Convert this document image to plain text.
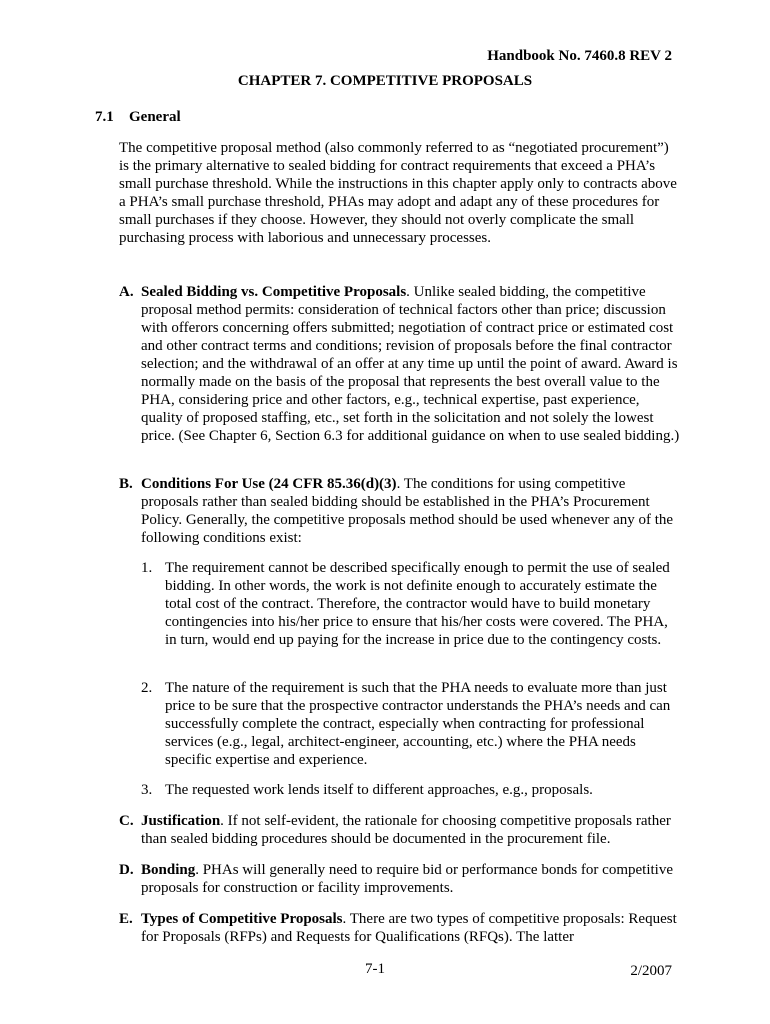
Handbook No. 7460.8 REV 2
CHAPTER 7. COMPETITIVE PROPOSALS
7.1 General
The competitive proposal method (also commonly referred to as “negotiated procurement”) is the primary alternative to sealed bidding for contract requirements that exceed a PHA’s small purchase threshold. While the instructions in this chapter apply only to contracts above a PHA’s small purchase threshold, PHAs may adopt and adapt any of these procedures for small purchases if they choose. However, they should not overly complicate the small purchasing process with laborious and unnecessary processes.
A. Sealed Bidding vs. Competitive Proposals. Unlike sealed bidding, the competitive proposal method permits: consideration of technical factors other than price; discussion with offerors concerning offers submitted; negotiation of contract price or estimated cost and other contract terms and conditions; revision of proposals before the final contractor selection; and the withdrawal of an offer at any time up until the point of award. Award is normally made on the basis of the proposal that represents the best overall value to the PHA, considering price and other factors, e.g., technical expertise, past experience, quality of proposed staffing, etc., set forth in the solicitation and not solely the lowest price. (See Chapter 6, Section 6.3 for additional guidance on when to use sealed bidding.)
B. Conditions For Use (24 CFR 85.36(d)(3). The conditions for using competitive proposals rather than sealed bidding should be established in the PHA’s Procurement Policy. Generally, the competitive proposals method should be used whenever any of the following conditions exist:
1. The requirement cannot be described specifically enough to permit the use of sealed bidding. In other words, the work is not definite enough to accurately estimate the total cost of the contract. Therefore, the contractor would have to build monetary contingencies into his/her price to ensure that his/her costs were covered. The PHA, in turn, would end up paying for the increase in price due to the contingency costs.
2. The nature of the requirement is such that the PHA needs to evaluate more than just price to be sure that the prospective contractor understands the PHA’s needs and can successfully complete the contract, especially when contracting for professional services (e.g., legal, architect-engineer, accounting, etc.) where the PHA needs specific expertise and experience.
3. The requested work lends itself to different approaches, e.g., proposals.
C. Justification. If not self-evident, the rationale for choosing competitive proposals rather than sealed bidding procedures should be documented in the procurement file.
D. Bonding. PHAs will generally need to require bid or performance bonds for competitive proposals for construction or facility improvements.
E. Types of Competitive Proposals. There are two types of competitive proposals: Request for Proposals (RFPs) and Requests for Qualifications (RFQs). The latter
7-1	2/2007
